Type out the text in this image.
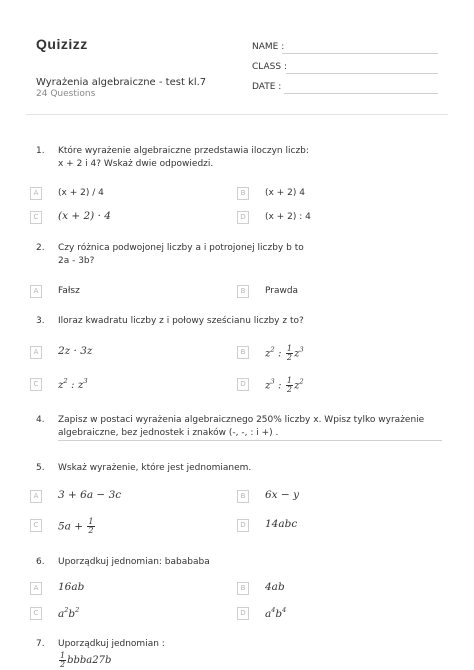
Quizizz
Wyrażenia algebraiczne - test kl.7
24 Questions
NAME :
CLASS :
DATE :
1. Które wyrażenie algebraiczne przedstawia iloczyn liczb:
x + 2 i 4? Wskaż dwie odpowiedzi.
A	(x + 2) / 4	B	(x + 2) 4
C	(x + 2) · 4	D	(x + 2) : 4
2. Czy różnica podwojonej liczby a i potrojonej liczby b to
2a - 3b?
A	Fałsz	B	Prawda
3. Iloraz kwadratu liczby z i połowy sześcianu liczby z to?
A	2z · 3z	B	$z^2$ : $\frac{1}{2} z^3$
C	$z^2$ : $z^3$	D	$z^3$ : $\frac{1}{2} z^2$
4. Zapisz w postaci wyrażenia algebraicznego 250% liczby x. Wpisz tylko wyrażenie
algebraiczne, bez jednostek i znaków (-, -, : i +) .
5. Wskaż wyrażenie, które jest jednomianem.
A	3 + 6a − 3c	B	6x − y
C	$5a + \frac{1}{2}$	D	14abc
6. Uporządkuj jednomian: babababa
A	16ab	B	4ab
C	$a^2b^2$	D	$a^4b^4$
7. Uporządkuj jednomian :
$\frac{1}{2}$ bbba27b
